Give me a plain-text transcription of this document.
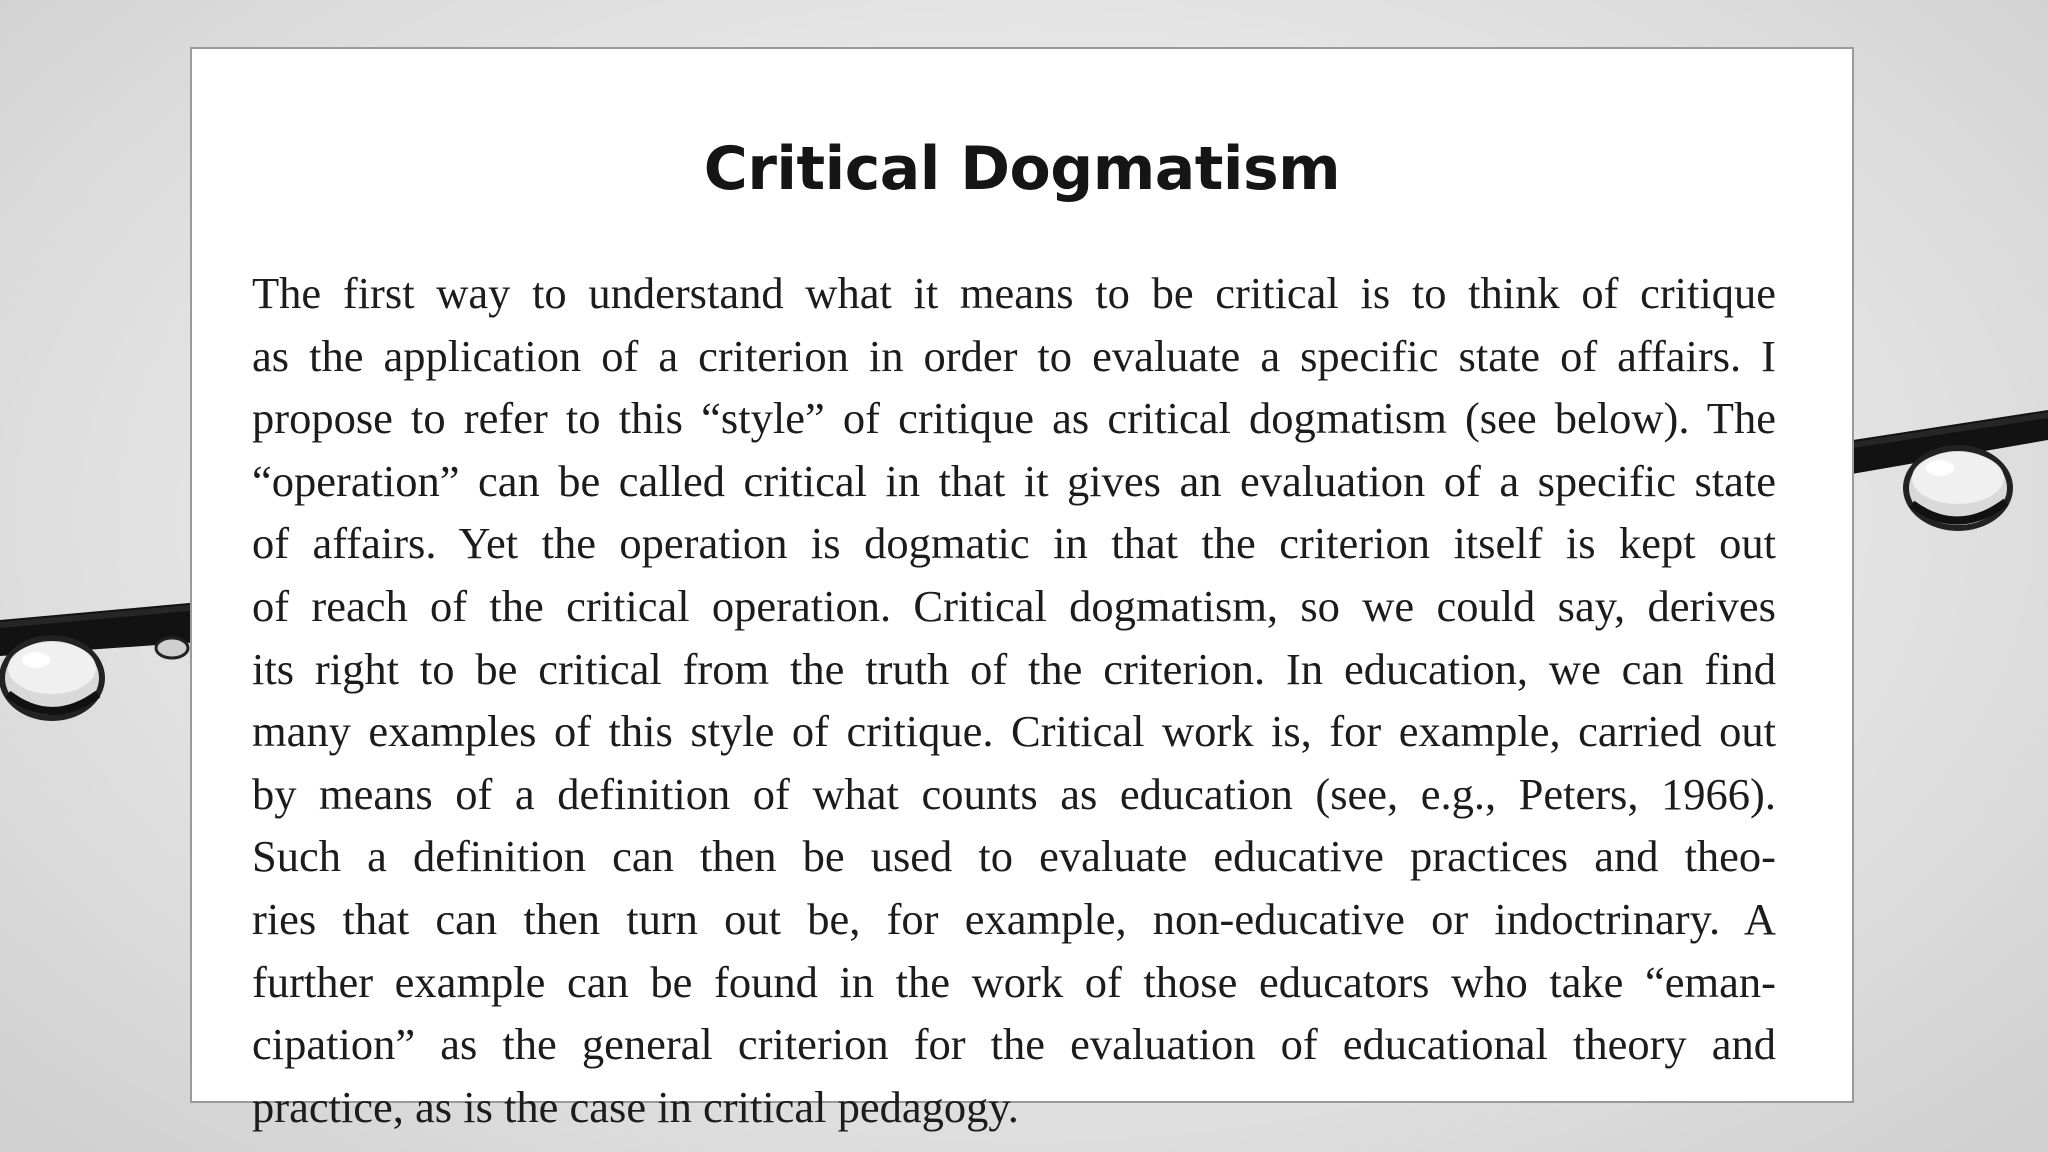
Critical Dogmatism

The first way to understand what it means to be critical is to think of critique
as the application of a criterion in order to evaluate a specific state of affairs. I
propose to refer to this “style” of critique as critical dogmatism (see below). The
“operation” can be called critical in that it gives an evaluation of a specific state
of affairs. Yet the operation is dogmatic in that the criterion itself is kept out
of reach of the critical operation. Critical dogmatism, so we could say, derives
its right to be critical from the truth of the criterion. In education, we can find
many examples of this style of critique. Critical work is, for example, carried out
by means of a definition of what counts as education (see, e.g., Peters, 1966).
Such a definition can then be used to evaluate educative practices and theo-
ries that can then turn out be, for example, non-educative or indoctrinary. A
further example can be found in the work of those educators who take “eman-
cipation” as the general criterion for the evaluation of educational theory and
practice, as is the case in critical pedagogy.
